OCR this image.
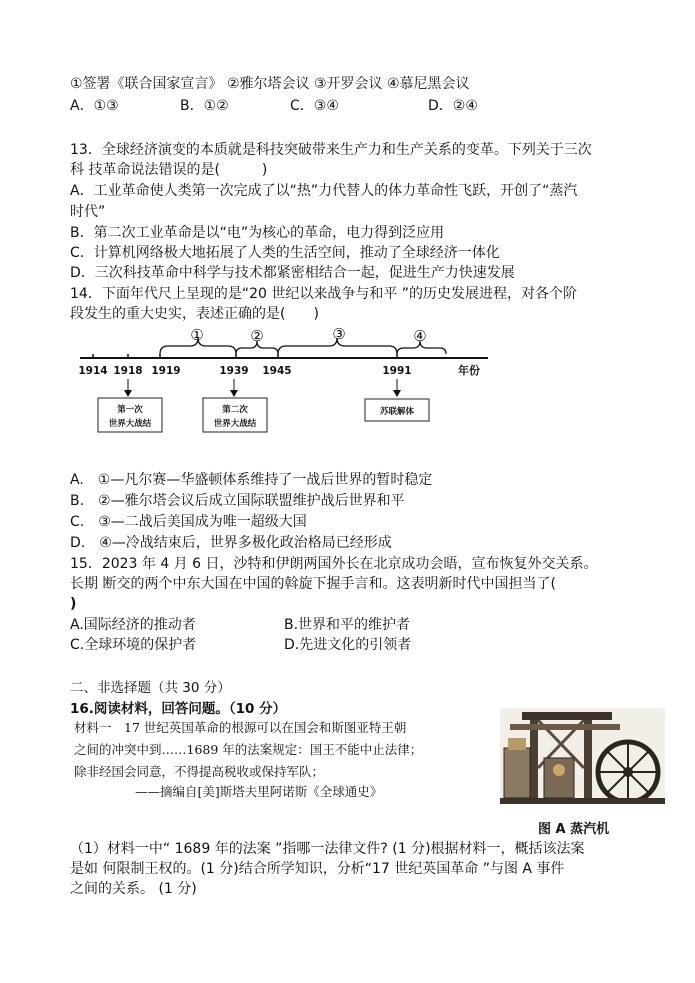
①签署《联合国家宣言》 ②雅尔塔会议 ③开罗会议 ④慕尼黑会议
A．①③	B．①②	C．③④	D．②④
13．全球经济演变的本质就是科技突破带来生产力和生产关系的变革。下列关于三次
科 技革命说法错误的是(　　　)
A．工业革命使人类第一次完成了以“热”力代替人的体力革命性飞跃，开创了“蒸汽
时代”
B．第二次工业革命是以“电”为核心的革命，电力得到泛应用
C．计算机网络极大地拓展了人类的生活空间，推动了全球经济一体化
D．三次科技革命中科学与技术都紧密相结合一起，促进生产力快速发展
14．下面年代尺上呈现的是“20 世纪以来战争与和平 ”的历史发展进程，对各个阶
段发生的重大史实，表述正确的是(　　)
①	②	③	④
1914 1918 1919	1939 1945	1991	年份
第一次
世界大战结
第二次
世界大战结
苏联解体
A.　①—凡尔赛—华盛顿体系维持了一战后世界的暂时稳定
B.　②—雅尔塔会议后成立国际联盟维护战后世界和平
C.　③—二战后美国成为唯一超级大国
D.　④—冷战结束后，世界多极化政治格局已经形成
15．2023 年 4 月 6 日，沙特和伊朗两国外长在北京成功会晤，宣布恢复外交关系。
长期 断交的两个中东大国在中国的斡旋下握手言和。这表明新时代中国担当了(
)
A.国际经济的推动者	B.世界和平的维护者
C.全球环境的保护者	D.先进文化的引领者
二、非选择题（共 30 分）
16.阅读材料，回答问题。（10 分）
材料一　17 世纪英国革命的根源可以在国会和斯图亚特王朝
之间的冲突中到……1689 年的法案规定：国王不能中止法律；
除非经国会同意，不得提高税收或保持军队；
——摘编自[美]斯塔夫里阿诺斯《全球通史》
图 A 蒸汽机
（1）材料一中“ 1689 年的法案 ”指哪一法律文件? (1 分)根据材料一，概括该法案
是如 何限制王权的。(1 分)结合所学知识，分析“17 世纪英国革命 ”与图 A 事件
之间的关系。 (1 分)
